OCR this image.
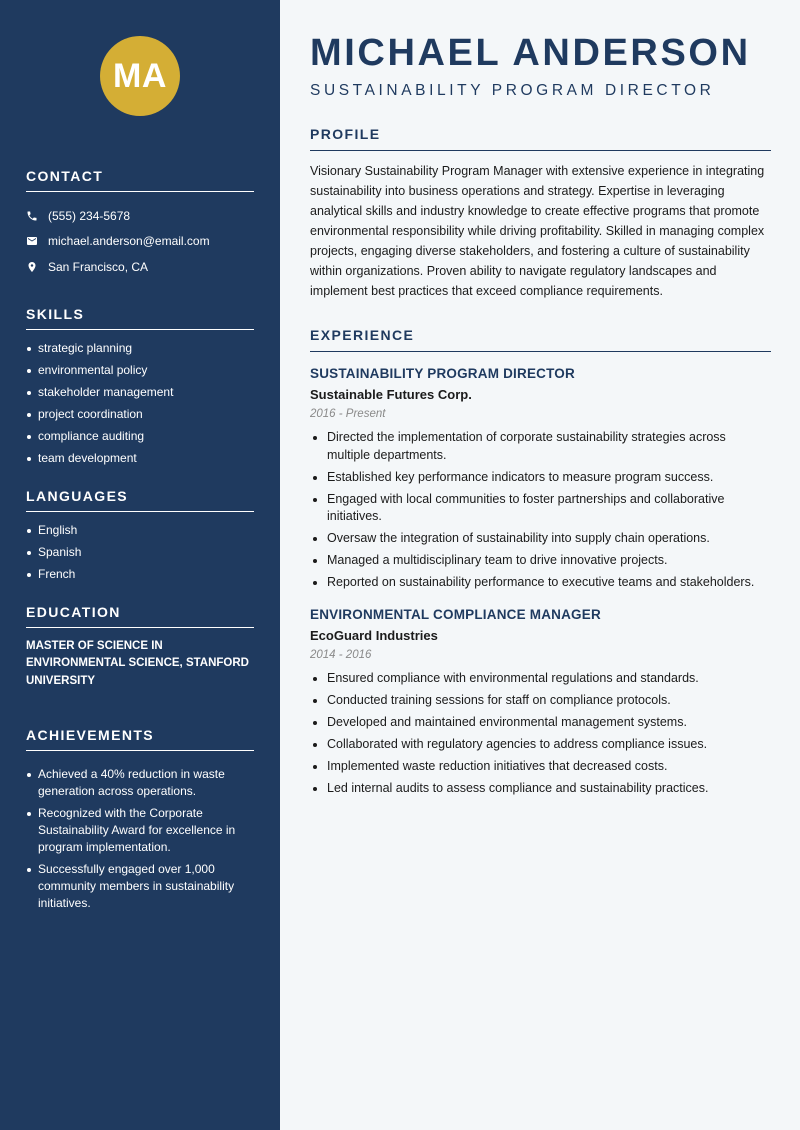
MA
CONTACT
(555) 234-5678
michael.anderson@email.com
San Francisco, CA
SKILLS
strategic planning
environmental policy
stakeholder management
project coordination
compliance auditing
team development
LANGUAGES
English
Spanish
French
EDUCATION
MASTER OF SCIENCE IN ENVIRONMENTAL SCIENCE, STANFORD UNIVERSITY
ACHIEVEMENTS
Achieved a 40% reduction in waste generation across operations.
Recognized with the Corporate Sustainability Award for excellence in program implementation.
Successfully engaged over 1,000 community members in sustainability initiatives.
MICHAEL ANDERSON
SUSTAINABILITY PROGRAM DIRECTOR
PROFILE

Visionary Sustainability Program Manager with extensive experience in integrating sustainability into business operations and strategy. Expertise in leveraging analytical skills and industry knowledge to create effective programs that promote environmental responsibility while driving profitability. Skilled in managing complex projects, engaging diverse stakeholders, and fostering a culture of sustainability within organizations. Proven ability to navigate regulatory landscapes and implement best practices that exceed compliance requirements.

EXPERIENCE
SUSTAINABILITY PROGRAM DIRECTOR
Sustainable Futures Corp.
2016 - Present
Directed the implementation of corporate sustainability strategies across multiple departments.
Established key performance indicators to measure program success.
Engaged with local communities to foster partnerships and collaborative initiatives.
Oversaw the integration of sustainability into supply chain operations.
Managed a multidisciplinary team to drive innovative projects.
Reported on sustainability performance to executive teams and stakeholders.
ENVIRONMENTAL COMPLIANCE MANAGER
EcoGuard Industries
2014 - 2016
Ensured compliance with environmental regulations and standards.
Conducted training sessions for staff on compliance protocols.
Developed and maintained environmental management systems.
Collaborated with regulatory agencies to address compliance issues.
Implemented waste reduction initiatives that decreased costs.
Led internal audits to assess compliance and sustainability practices.
